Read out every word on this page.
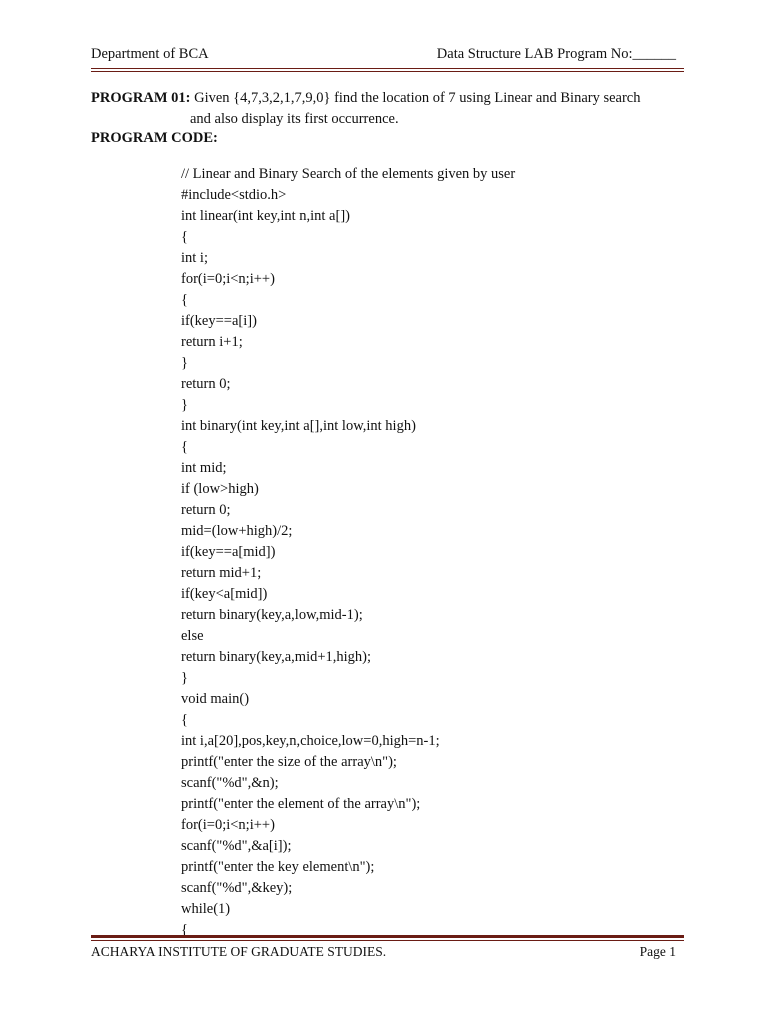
Department of BCA	Data Structure LAB Program No:______
PROGRAM 01: Given {4,7,3,2,1,7,9,0} find the location of 7 using Linear and Binary search
and also display its first occurrence.
PROGRAM CODE:
// Linear and Binary Search of the elements given by user
#include<stdio.h>
int linear(int key,int n,int a[])
{
int i;
for(i=0;i<n;i++)
{
if(key==a[i])
return i+1;
}
return 0;
}
int binary(int key,int a[],int low,int high)
{
int mid;
if (low>high)
return 0;
mid=(low+high)/2;
if(key==a[mid])
return mid+1;
if(key<a[mid])
return binary(key,a,low,mid-1);
else
return binary(key,a,mid+1,high);
}
void main()
{
int i,a[20],pos,key,n,choice,low=0,high=n-1;
printf("enter the size of the array\n");
scanf("%d",&n);
printf("enter the element of the array\n");
for(i=0;i<n;i++)
scanf("%d",&a[i]);
printf("enter the key element\n");
scanf("%d",&key);
while(1)
{
ACHARYA INSTITUTE OF GRADUATE STUDIES.	Page 1
